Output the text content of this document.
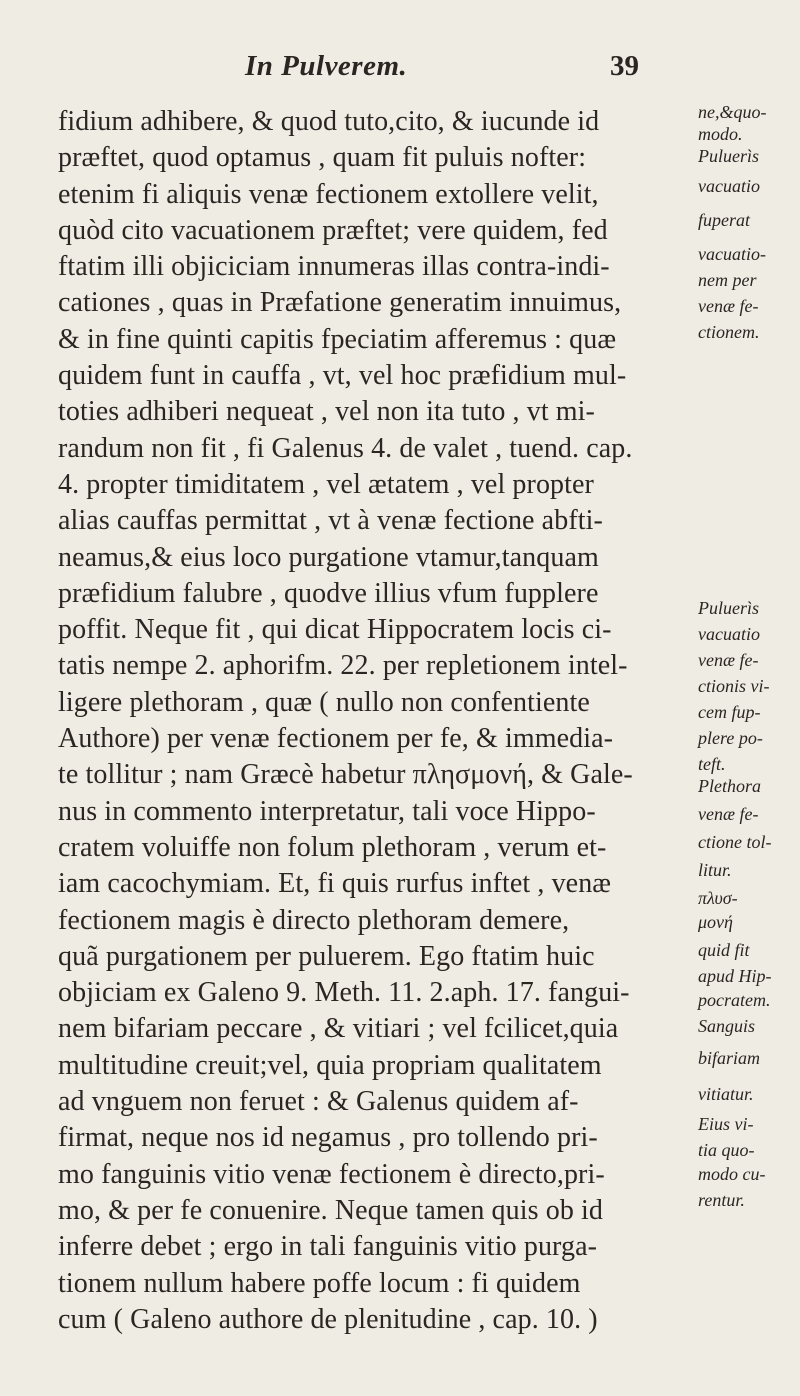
In Pulverem.	39
fidium adhibere, & quod tuto,cito, & iucunde id
præftet, quod optamus , quam fit puluis nofter:
etenim fi aliquis venæ fectionem extollere velit,
quòd cito vacuationem præftet; vere quidem, fed
ftatim illi objiciciam innumeras illas contra-indi-
cationes , quas in Præfatione generatim innuimus,
& in fine quinti capitis fpeciatim afferemus : quæ
quidem funt in cauffa , vt, vel hoc præfidium mul-
toties adhiberi nequeat , vel non ita tuto , vt mi-
randum non fit , fi Galenus 4. de valet , tuend. cap.
4. propter timiditatem , vel ætatem , vel propter
alias cauffas permittat , vt à venæ fectione abfti-
neamus,& eius loco purgatione vtamur,tanquam
præfidium falubre , quodve illius vfum fupplere
poffit. Neque fit , qui dicat Hippocratem locis ci-
tatis nempe 2. aphorifm. 22. per repletionem intel-
ligere plethoram , quæ ( nullo non confentiente
Authore) per venæ fectionem per fe, & immedia-
te tollitur ; nam Græcè habetur πλησμονή, & Gale-
nus in commento interpretatur, tali voce Hippo-
cratem voluiffe non folum plethoram , verum et-
iam cacochymiam. Et, fi quis rurfus inftet , venæ
fectionem magis è directo plethoram demere,
quã purgationem per puluerem. Ego ftatim huic
objiciam ex Galeno 9. Meth. 11. 2.aph. 17. fangui-
nem bifariam peccare , & vitiari ; vel fcilicet,quia
multitudine creuit;vel, quia propriam qualitatem
ad vnguem non feruet : & Galenus quidem af-
firmat, neque nos id negamus , pro tollendo pri-
mo fanguinis vitio venæ fectionem è directo,pri-
mo, & per fe conuenire. Neque tamen quis ob id
inferre debet ; ergo in tali fanguinis vitio purga-
tionem nullum habere poffe locum : fi quidem
cum ( Galeno authore de plenitudine , cap. 10. )
ne,&quo-
modo.
Puluerìs
vacuatio
fuperat
vacuatio-
nem per
venæ fe-
ctionem.
Puluerìs
vacuatio
venæ fe-
ctionis vi-
cem fup-
plere po-
teft.
Plethora
venæ fe-
ctione tol-
litur.
πλυσ-
μονή
quid fit
apud Hip-
pocratem.
Sanguis
bifariam
vitiatur.
Eius vi-
tia quo-
modo cu-
rentur.
